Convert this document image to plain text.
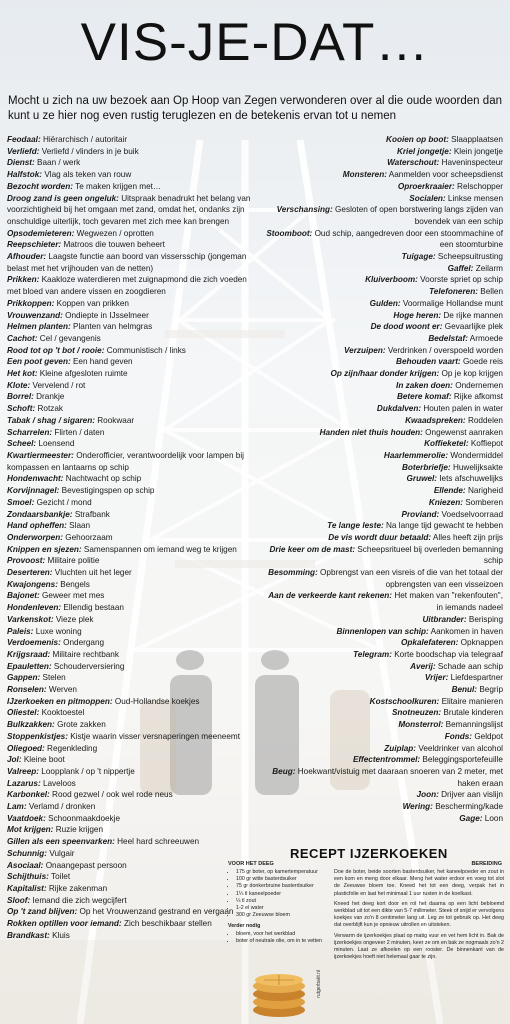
VIS-JE-DAT…
Mocht u zich na uw bezoek aan Op Hoop van Zegen verwonderen over al die oude woorden dan kunt u ze hier nog even rustig teruglezen en de betekenis ervan tot u nemen

Feodaal: Hiërarchisch / autoritair

Verliefd: Verliefd / vlinders in je buik

Dienst: Baan / werk

Halfstok: Vlag als teken van rouw

Bezocht worden: Te maken krijgen met…

Droog zand is geen ongeluk: Uitspraak benadrukt het belang van voorzichtigheid bij het omgaan met zand, omdat het, ondanks zijn onschuldige uiterlijk, toch gevaren met zich mee kan brengen

Opsodemieteren: Wegwezen / oprotten

Reepschieter: Matroos die touwen beheert

Afhouder: Laagste functie aan boord van vissersschip (jongeman belast met het vrijhouden van de netten)

Prikken: Kaakloze waterdieren met zuignapmond die zich voeden met bloed van andere vissen en zoogdieren

Prikkoppen: Koppen van prikken

Vrouwenzand: Ondiepte in IJsselmeer

Helmen planten: Planten van helmgras

Cachot: Cel / gevangenis

Rood tot op 't bot / rooie: Communistisch / links

Een poot geven: Een hand geven

Het kot: Kleine afgesloten ruimte

Klote: Vervelend / rot

Borrel: Drankje

Schoft: Rotzak

Tabak / shag / sigaren: Rookwaar

Scharrelen: Flirten / daten

Scheel: Loensend

Kwartiermeester: Onderofficier, verantwoordelijk voor lampen bij kompassen en lantaarns op schip

Hondenwacht: Nachtwacht op schip

Korvijnnagel: Bevestigingspen op schip

Smoel: Gezicht / mond

Zondaarsbankje: Strafbank

Hand opheffen: Slaan

Onderworpen: Gehoorzaam

Knippen en sjezen: Samenspannen om iemand weg te krijgen

Provoost: Militaire politie

Deserteren: Vluchten uit het leger

Kwajongens: Bengels

Bajonet: Geweer met mes

Hondenleven: Ellendig bestaan

Varkenskot: Vieze plek

Paleis: Luxe woning

Verdoemenis: Ondergang

Krijgsraad: Militaire rechtbank

Epauletten: Schouderversiering

Gappen: Stelen

Ronselen: Werven

IJzerkoeken en pitmoppen: Oud-Hollandse koekjes

Oliestel: Kooktoestel

Bulkzakken: Grote zakken

Stoppenkistjes: Kistje waarin visser versnaperingen meeneemt

Oliegoed: Regenkleding

Jol: Kleine boot

Valreep: Loopplank / op 't nippertje

Lazarus: Laveloos

Karbonkel: Rood gezwel / ook wel rode neus

Lam: Verlamd / dronken

Vaatdoek: Schoonmaakdoekje

Mot krijgen: Ruzie krijgen

Gillen als een speenvarken: Heel hard schreeuwen

Schunnig: Vulgair

Asociaal: Onaangepast persoon

Schijthuis: Toilet

Kapitalist: Rijke zakenman

Sloof: Iemand die zich wegcijfert

Op 't zand blijven: Op het Vrouwenzand gestrand en vergaan

Rokken optillen voor iemand: Zich beschikbaar stellen

Brandkast: Kluis

Kooien op boot: Slaapplaatsen

Kriel jongetje: Klein jongetje

Waterschout: Haveninspecteur

Monsteren: Aanmelden voor scheepsdienst

Oproerkraaier: Relschopper

Socialen: Linkse mensen

Verschansing: Gesloten of open borstwering langs zijden van bovendek van een schip

Stoomboot: Oud schip, aangedreven door een stoommachine of een stoomturbine

Tuigage: Scheepsuitrusting

Gaffel: Zeilarm

Kluiverboom: Voorste spriet op schip

Telefoneren: Bellen

Gulden: Voormalige Hollandse munt

Hoge heren: De rijke mannen

De dood woont er: Gevaarlijke plek

Bedelstaf: Armoede

Verzuipen: Verdrinken / overspoeld worden

Behouden vaart: Goede reis

Op zijn/haar donder krijgen: Op je kop krijgen

In zaken doen: Ondernemen

Betere komaf: Rijke afkomst

Dukdalven: Houten palen in water

Kwaadspreken: Roddelen

Handen niet thuis houden: Ongewenst aanraken

Koffieketel: Koffiepot

Haarlemmerolie: Wondermiddel

Boterbriefje: Huwelijksakte

Gruwel: Iets afschuwelijks

Ellende: Narigheid

Kniezen: Somberen

Proviand: Voedselvoorraad

Te lange leste: Na lange tijd gewacht te hebben

De vis wordt duur betaald: Alles heeft zijn prijs

Drie keer om de mast: Scheepsritueel bij overleden bemanning schip

Besomming: Opbrengst van een visreis of die van het totaal der opbrengsten van een visseizoen

Aan de verkeerde kant rekenen: Het maken van "rekenfouten", in iemands nadeel

Uitbrander: Berisping

Binnenlopen van schip: Aankomen in haven

Opkalefateren: Opknappen

Telegram: Korte boodschap via telegraaf

Averij: Schade aan schip

Vrijer: Liefdespartner

Benul: Begrip

Kostschoolkuren: Elitaire manieren

Snotneuzen: Brutale kinderen

Monsterrol: Bemanningslijst

Fonds: Geldpot

Zuiplap: Veeldrinker van alcohol

Effectentrommel: Beleggingsportefeuille

Beug: Hoekwant/vistuig met daaraan snoeren van 2 meter, met haken eraan

Joon: Drijver aan vislijn

Wering: Bescherming/kade

Gage: Loon

RECEPT IJZERKOEKEN
VOOR HET DEEG	BEREIDING
• 175 gr boter, op kamertemperatuur
• 100 gr witte basterdsuiker
• 75 gr donkerbruine basterdsuiker
• 1¼ tl kaneelpoeder
• ¼ tl zout
• 1-2 el water
• 300 gr Zeeuwse bloem
Verder nodig
• bloem, voor het werkblad
• boter of neutrale olie, om in te vetten

Doe de boter, beide soorten basterdsuiker, het kaneelpoeder en zout in een kom en meng door elkaar. Meng het water erdoor en voeg tot slot de Zeeuwse bloem toe. Kneed het tot een deeg, verpak het in plasticfolie en laat het minimaal 1 uur rusten in de koelkast.

Kneed het deeg kort door en rol het daarna op een licht bebloemd werkblad uit tot een dikte van 5-7 millimeter. Steek of snijd er vervolgens koekjes van zo'n 8 centimeter lang uit. Leg ze tot gebruik op. Het deeg dat overblijft kun je opnieuw uitrollen en uitsteken.

Verwarm de ijzerkoekjes plaat op matig vuur en vet hem licht in. Bak de ijzerkoekjes ongeveer 2 minuten, keer ze om en bak ze nogmaals zo'n 2 minuten. Laat ze afkoelen op een rooster. De binnenkant van de ijzerkoekjes hoeft niet helemaal gaar te zijn.

rutgerbakt.nl
